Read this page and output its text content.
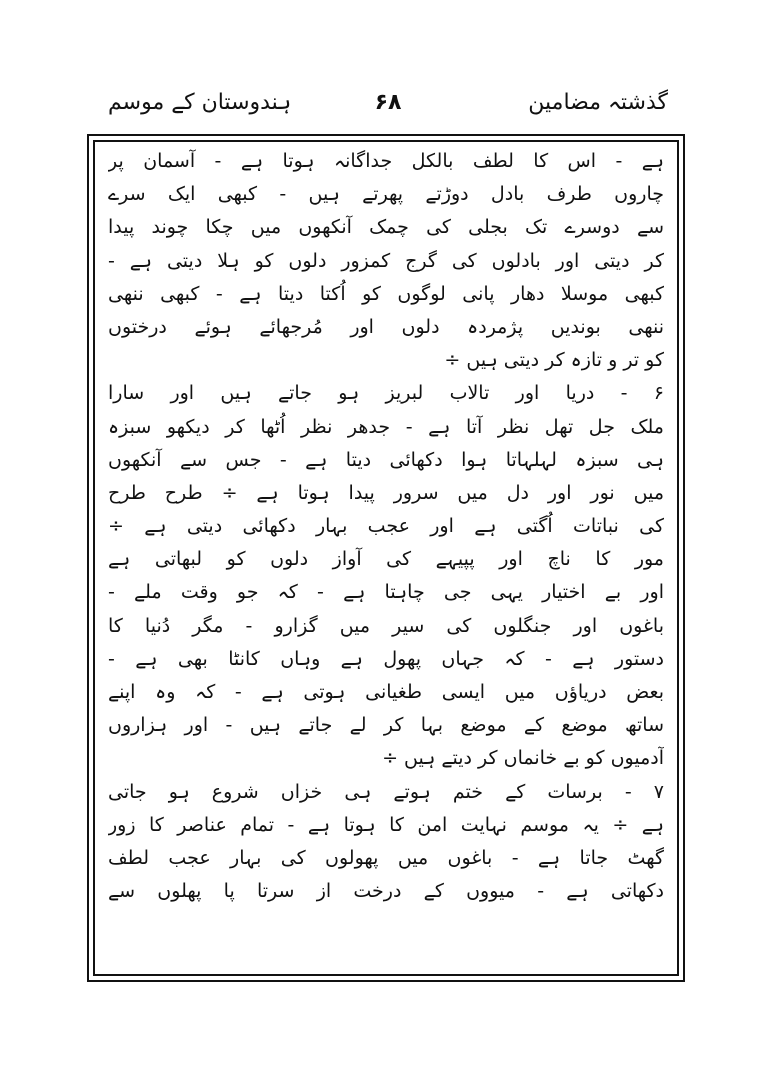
گذشتہ مضامین
۶۸
ہندوستان کے موسم
ہے - اس کا لطف بالکل جداگانہ ہوتا ہے - آسمان پر
چاروں طرف بادل دوڑتے پھرتے ہیں - کبھی ایک سرے
سے دوسرے تک بجلی کی چمک آنکھوں میں چکا چوند پیدا
کر دیتی اور بادلوں کی گرج کمزور دلوں کو ہلا دیتی ہے -
کبھی موسلا دھار پانی لوگوں کو اُکتا دیتا ہے - کبھی ننھی
ننھی بوندیں پژمردہ دلوں اور مُرجھائے ہوئے درختوں
کو تر و تازہ کر دیتی ہیں ÷
۶ - دریا اور تالاب لبریز ہو جاتے ہیں اور سارا
ملک جل تھل نظر آتا ہے - جدھر نظر اُٹھا کر دیکھو سبزہ
ہی سبزہ لہلہاتا ہوا دکھائی دیتا ہے - جس سے آنکھوں
میں نور اور دل میں سرور پیدا ہوتا ہے ÷ طرح طرح
کی نباتات اُگتی ہے اور عجب بہار دکھائی دیتی ہے ÷
مور کا ناچ اور پپیہے کی آواز دلوں کو لبھاتی ہے
اور بے اختیار یہی جی چاہتا ہے - کہ جو وقت ملے -
باغوں اور جنگلوں کی سیر میں گزارو - مگر دُنیا کا
دستور ہے - کہ جہاں پھول ہے وہاں کانٹا بھی ہے -
بعض دریاؤں میں ایسی طغیانی ہوتی ہے - کہ وہ اپنے
ساتھ موضع کے موضع بہا کر لے جاتے ہیں - اور ہزاروں
آدمیوں کو بے خانماں کر دیتے ہیں ÷
۷ - برسات کے ختم ہوتے ہی خزاں شروع ہو جاتی
ہے ÷ یہ موسم نہایت امن کا ہوتا ہے - تمام عناصر کا زور
گھٹ جاتا ہے - باغوں میں پھولوں کی بہار عجب لطف
دکھاتی ہے - میووں کے درخت از سرتا پا پھلوں سے
